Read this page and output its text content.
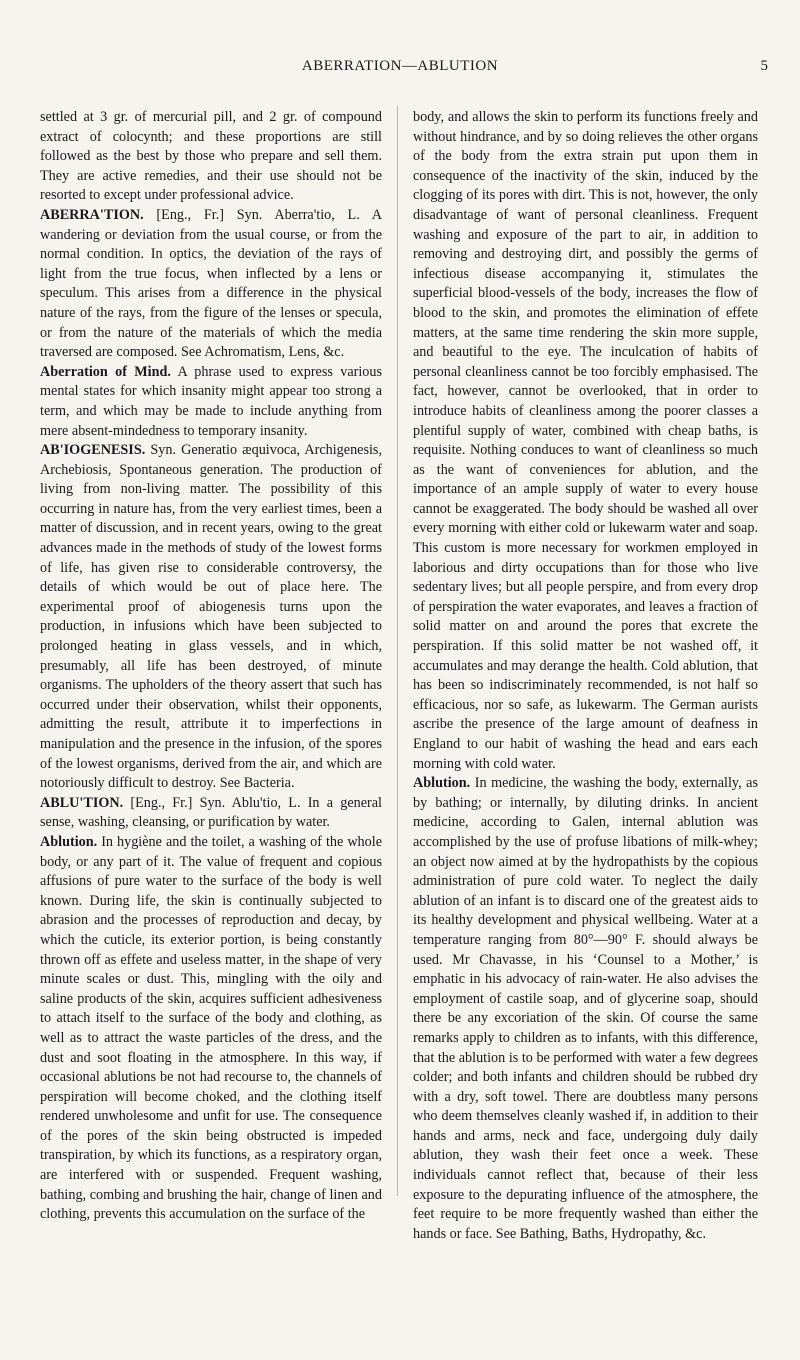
ABERRATION—ABLUTION	5

settled at 3 gr. of mercurial pill, and 2 gr. of compound extract of colocynth; and these proportions are still followed as the best by those who prepare and sell them. They are active remedies, and their use should not be resorted to except under professional advice.

ABERRA'TION. [Eng., Fr.] Syn. Aberra'tio, L. A wandering or deviation from the usual course, or from the normal condition. In optics, the deviation of the rays of light from the true focus, when inflected by a lens or speculum. This arises from a difference in the physical nature of the rays, from the figure of the lenses or specula, or from the nature of the materials of which the media traversed are composed. See Achromatism, Lens, &c.

Aberration of Mind. A phrase used to express various mental states for which insanity might appear too strong a term, and which may be made to include anything from mere absent-mindedness to temporary insanity.

AB'IOGENESIS. Syn. Generatio æquivoca, Archigenesis, Archebiosis, Spontaneous generation. The production of living from non-living matter. The possibility of this occurring in nature has, from the very earliest times, been a matter of discussion, and in recent years, owing to the great advances made in the methods of study of the lowest forms of life, has given rise to considerable controversy, the details of which would be out of place here. The experimental proof of abiogenesis turns upon the production, in infusions which have been subjected to prolonged heating in glass vessels, and in which, presumably, all life has been destroyed, of minute organisms. The upholders of the theory assert that such has occurred under their observation, whilst their opponents, admitting the result, attribute it to imperfections in manipulation and the presence in the infusion, of the spores of the lowest organisms, derived from the air, and which are notoriously difficult to destroy. See Bacteria.

ABLU'TION. [Eng., Fr.] Syn. Ablu'tio, L. In a general sense, washing, cleansing, or purification by water.

Ablution. In hygiène and the toilet, a washing of the whole body, or any part of it. The value of frequent and copious affusions of pure water to the surface of the body is well known. During life, the skin is continually subjected to abrasion and the processes of reproduction and decay, by which the cuticle, its exterior portion, is being constantly thrown off as effete and useless matter, in the shape of very minute scales or dust. This, mingling with the oily and saline products of the skin, acquires sufficient adhesiveness to attach itself to the surface of the body and clothing, as well as to attract the waste particles of the dress, and the dust and soot floating in the atmosphere. In this way, if occasional ablutions be not had recourse to, the channels of perspiration will become choked, and the clothing itself rendered unwholesome and unfit for use. The consequence of the pores of the skin being obstructed is impeded transpiration, by which its functions, as a respiratory organ, are interfered with or suspended. Frequent washing, bathing, combing and brushing the hair, change of linen and clothing, prevents this accumulation on the surface of the

body, and allows the skin to perform its functions freely and without hindrance, and by so doing relieves the other organs of the body from the extra strain put upon them in consequence of the inactivity of the skin, induced by the clogging of its pores with dirt. This is not, however, the only disadvantage of want of personal cleanliness. Frequent washing and exposure of the part to air, in addition to removing and destroying dirt, and possibly the germs of infectious disease accompanying it, stimulates the superficial blood-vessels of the body, increases the flow of blood to the skin, and promotes the elimination of effete matters, at the same time rendering the skin more supple, and beautiful to the eye. The inculcation of habits of personal cleanliness cannot be too forcibly emphasised. The fact, however, cannot be overlooked, that in order to introduce habits of cleanliness among the poorer classes a plentiful supply of water, combined with cheap baths, is requisite. Nothing conduces to want of cleanliness so much as the want of conveniences for ablution, and the importance of an ample supply of water to every house cannot be exaggerated. The body should be washed all over every morning with either cold or lukewarm water and soap. This custom is more necessary for workmen employed in laborious and dirty occupations than for those who live sedentary lives; but all people perspire, and from every drop of perspiration the water evaporates, and leaves a fraction of solid matter on and around the pores that excrete the perspiration. If this solid matter be not washed off, it accumulates and may derange the health. Cold ablution, that has been so indiscriminately recommended, is not half so efficacious, nor so safe, as lukewarm. The German aurists ascribe the presence of the large amount of deafness in England to our habit of washing the head and ears each morning with cold water.

Ablution. In medicine, the washing the body, externally, as by bathing; or internally, by diluting drinks. In ancient medicine, according to Galen, internal ablution was accomplished by the use of profuse libations of milk-whey; an object now aimed at by the hydropathists by the copious administration of pure cold water. To neglect the daily ablution of an infant is to discard one of the greatest aids to its healthy development and physical wellbeing. Water at a temperature ranging from 80°—90° F. should always be used. Mr Chavasse, in his ‘Counsel to a Mother,’ is emphatic in his advocacy of rain-water. He also advises the employment of castile soap, and of glycerine soap, should there be any excoriation of the skin. Of course the same remarks apply to children as to infants, with this difference, that the ablution is to be performed with water a few degrees colder; and both infants and children should be rubbed dry with a dry, soft towel. There are doubtless many persons who deem themselves cleanly washed if, in addition to their hands and arms, neck and face, undergoing duly daily ablution, they wash their feet once a week. These individuals cannot reflect that, because of their less exposure to the depurating influence of the atmosphere, the feet require to be more frequently washed than either the hands or face. See Bathing, Baths, Hydropathy, &c.
